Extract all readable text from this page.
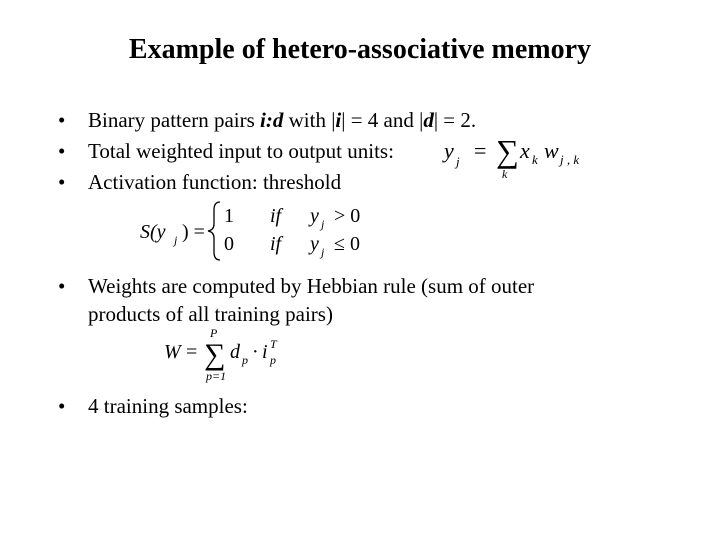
Example of hetero-associative memory
• Binary pattern pairs i:d with |i| = 4 and |d| = 2.
• Total weighted input to output units: y j = ∑
k
x k w j , k
• Activation function: threshold
S(y j ) =
1 if y j > 0
0 if y j ≤ 0
• Weights are computed by Hebbian rule (sum of outer
products of all training pairs)
W =
P
∑
p=1
d p · i T
p
• 4 training samples:
